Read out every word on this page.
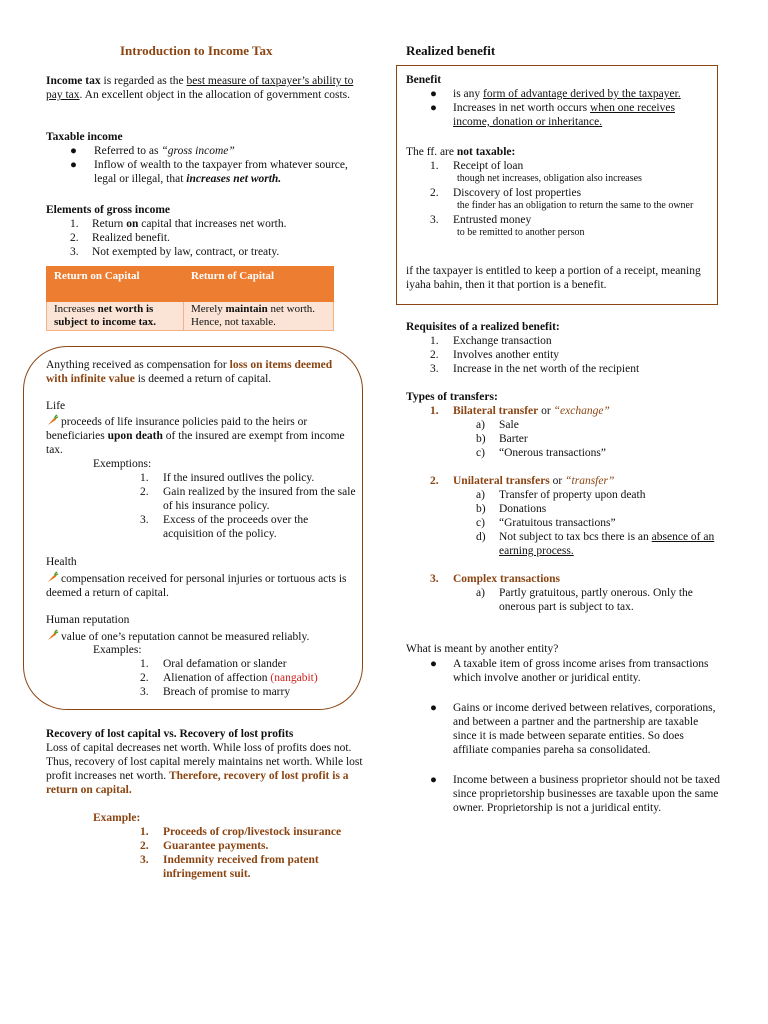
Introduction to Income Tax

Income tax is regarded as the best measure of taxpayer’s ability to pay tax. An excellent object in the allocation of government costs.

Taxable income
● Referred to as “gross income”
● Inflow of wealth to the taxpayer from whatever source, legal or illegal, that increases net worth.
Elements of gross income
1. Return on capital that increases net worth.
2. Realized benefit.
3. Not exempted by law, contract, or treaty.
Return on Capital	Return of Capital
Increases net worth is subject to income tax.	Merely maintain net worth. Hence, not taxable.

Anything received as compensation for loss on items deemed with infinite value is deemed a return of capital.

Life

proceeds of life insurance policies paid to the heirs or beneficiaries upon death of the insured are exempt from income tax.

Exemptions:
1. If the insured outlives the policy.
2. Gain realized by the insured from the sale of his insurance policy.
3. Excess of the proceeds over the acquisition of the policy.
Health

compensation received for personal injuries or tortuous acts is deemed a return of capital.

Human reputation

value of one’s reputation cannot be measured reliably.

Examples:
1. Oral defamation or slander
2. Alienation of affection (nangabit)
3. Breach of promise to marry
Recovery of lost capital vs. Recovery of lost profits

Loss of capital decreases net worth. While loss of profits does not. Thus, recovery of lost capital merely maintains net worth. While lost profit increases net worth. Therefore, recovery of lost profit is a return on capital.

Example:
1. Proceeds of crop/livestock insurance
2. Guarantee payments.
3. Indemnity received from patent infringement suit.
Realized benefit
Benefit
● is any form of advantage derived by the taxpayer.
● Increases in net worth occurs when one receives income, donation or inheritance.

The ff. are not taxable:

1. Receipt of loan
though net increases, obligation also increases
2. Discovery of lost properties
the finder has an obligation to return the same to the owner
3. Entrusted money
to be remitted to another person

if the taxpayer is entitled to keep a portion of a receipt, meaning iyaha bahin, then it that portion is a benefit.

Requisites of a realized benefit:
1. Exchange transaction
2. Involves another entity
3. Increase in the net worth of the recipient
Types of transfers:
1. Bilateral transfer or “exchange”
a) Sale
b) Barter
c) “Onerous transactions”
2. Unilateral transfers or “transfer”
a) Transfer of property upon death
b) Donations
c) “Gratuitous transactions”
d) Not subject to tax bcs there is an absence of an earning process.
3. Complex transactions
a) Partly gratuitous, partly onerous. Only the onerous part is subject to tax.
What is meant by another entity?
● A taxable item of gross income arises from transactions which involve another or juridical entity.
● Gains or income derived between relatives, corporations, and between a partner and the partnership are taxable since it is made between separate entities. So does affiliate companies pareha sa consolidated.
● Income between a business proprietor should not be taxed since proprietorship businesses are taxable upon the same owner. Proprietorship is not a juridical entity.
